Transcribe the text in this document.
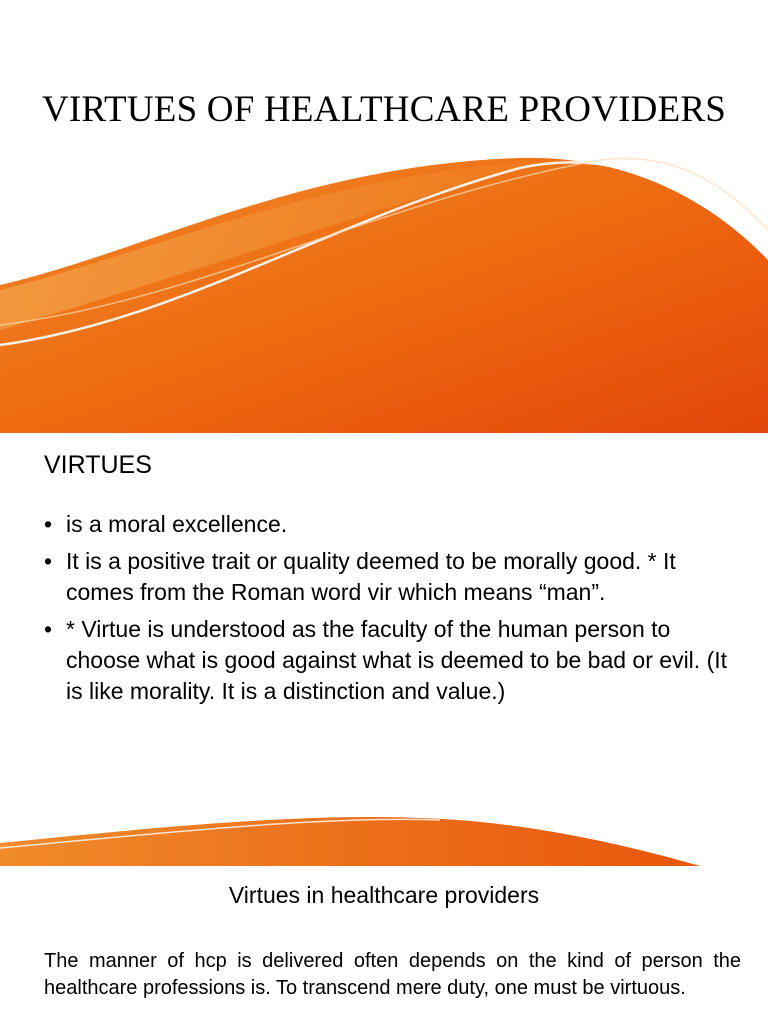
VIRTUES OF HEALTHCARE PROVIDERS
VIRTUES
• is a moral excellence.
• It is a positive trait or quality deemed to be morally good. * It comes from the Roman word vir which means “man”.
• * Virtue is understood as the faculty of the human person to choose what is good against what is deemed to be bad or evil. (It is like morality. It is a distinction and value.)
Virtues in healthcare providers

The manner of hcp is delivered often depends on the kind of person the healthcare professions is. To transcend mere duty, one must be virtuous.
